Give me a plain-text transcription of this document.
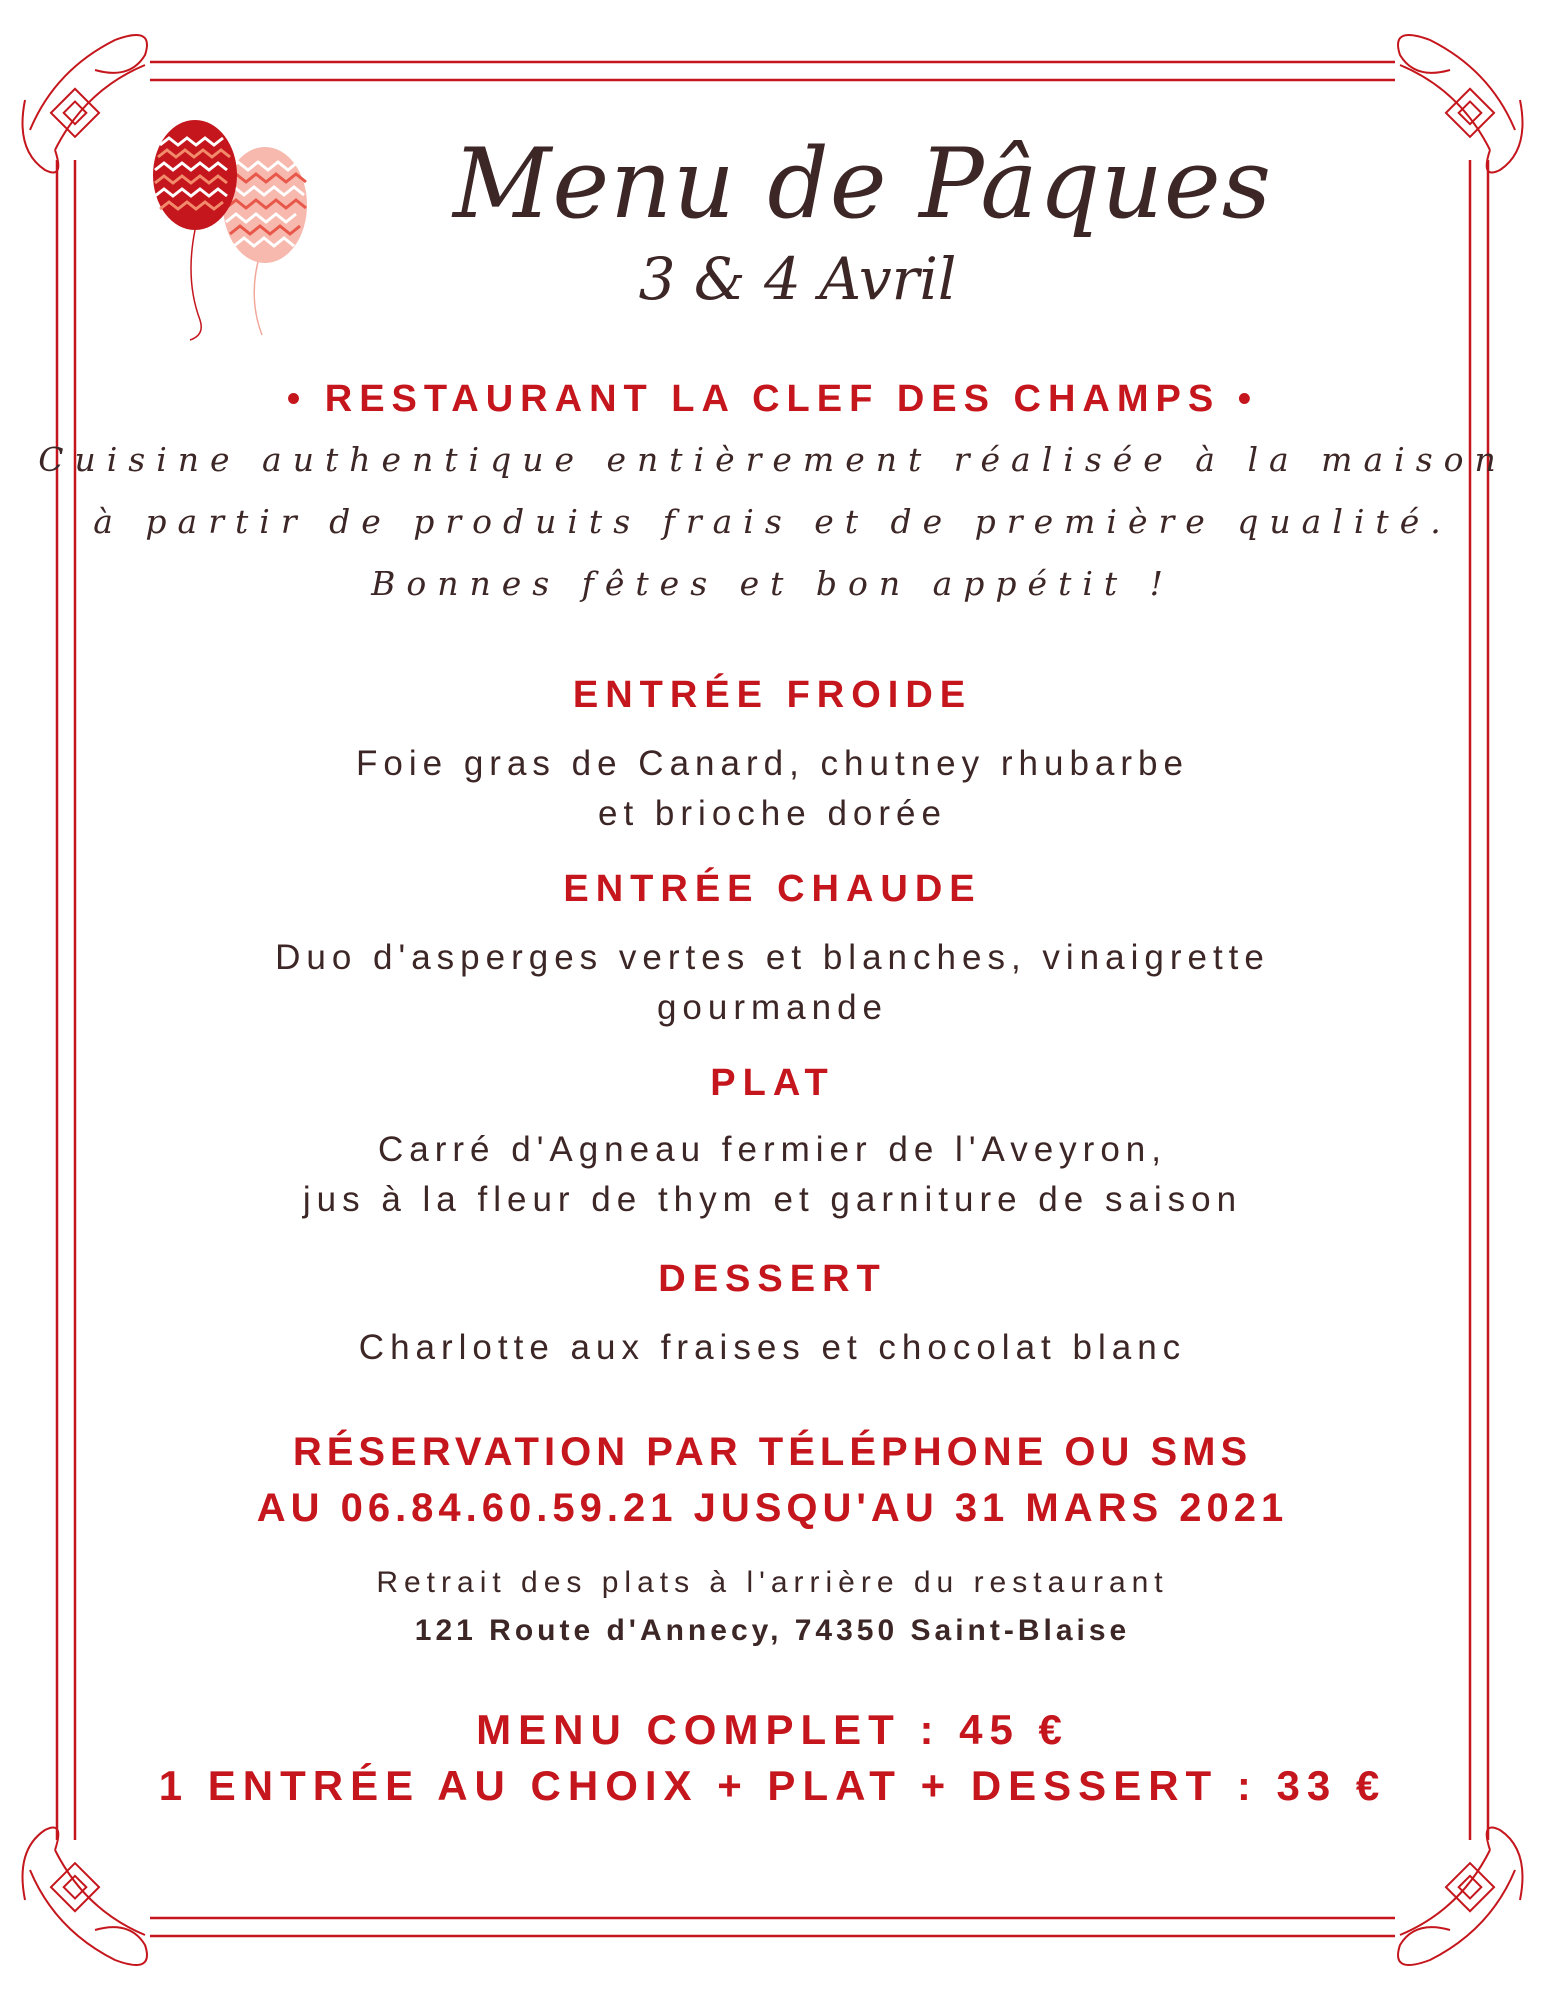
Menu de Pâques
3 & 4 Avril
• RESTAURANT LA CLEF DES CHAMPS •
Cuisine authentique entièrement réalisée à la maison
à partir de produits frais et de première qualité.
Bonnes fêtes et bon appétit !
ENTRÉE FROIDE
Foie gras de Canard, chutney rhubarbe
et brioche dorée
ENTRÉE CHAUDE
Duo d'asperges vertes et blanches, vinaigrette
gourmande
PLAT
Carré d'Agneau fermier de l'Aveyron,
jus à la fleur de thym et garniture de saison
DESSERT
Charlotte aux fraises et chocolat blanc
RÉSERVATION PAR TÉLÉPHONE OU SMS
AU 06.84.60.59.21 JUSQU'AU 31 MARS 2021
Retrait des plats à l'arrière du restaurant
121 Route d'Annecy, 74350 Saint-Blaise
MENU COMPLET : 45 €
1 ENTRÉE AU CHOIX + PLAT + DESSERT : 33 €
